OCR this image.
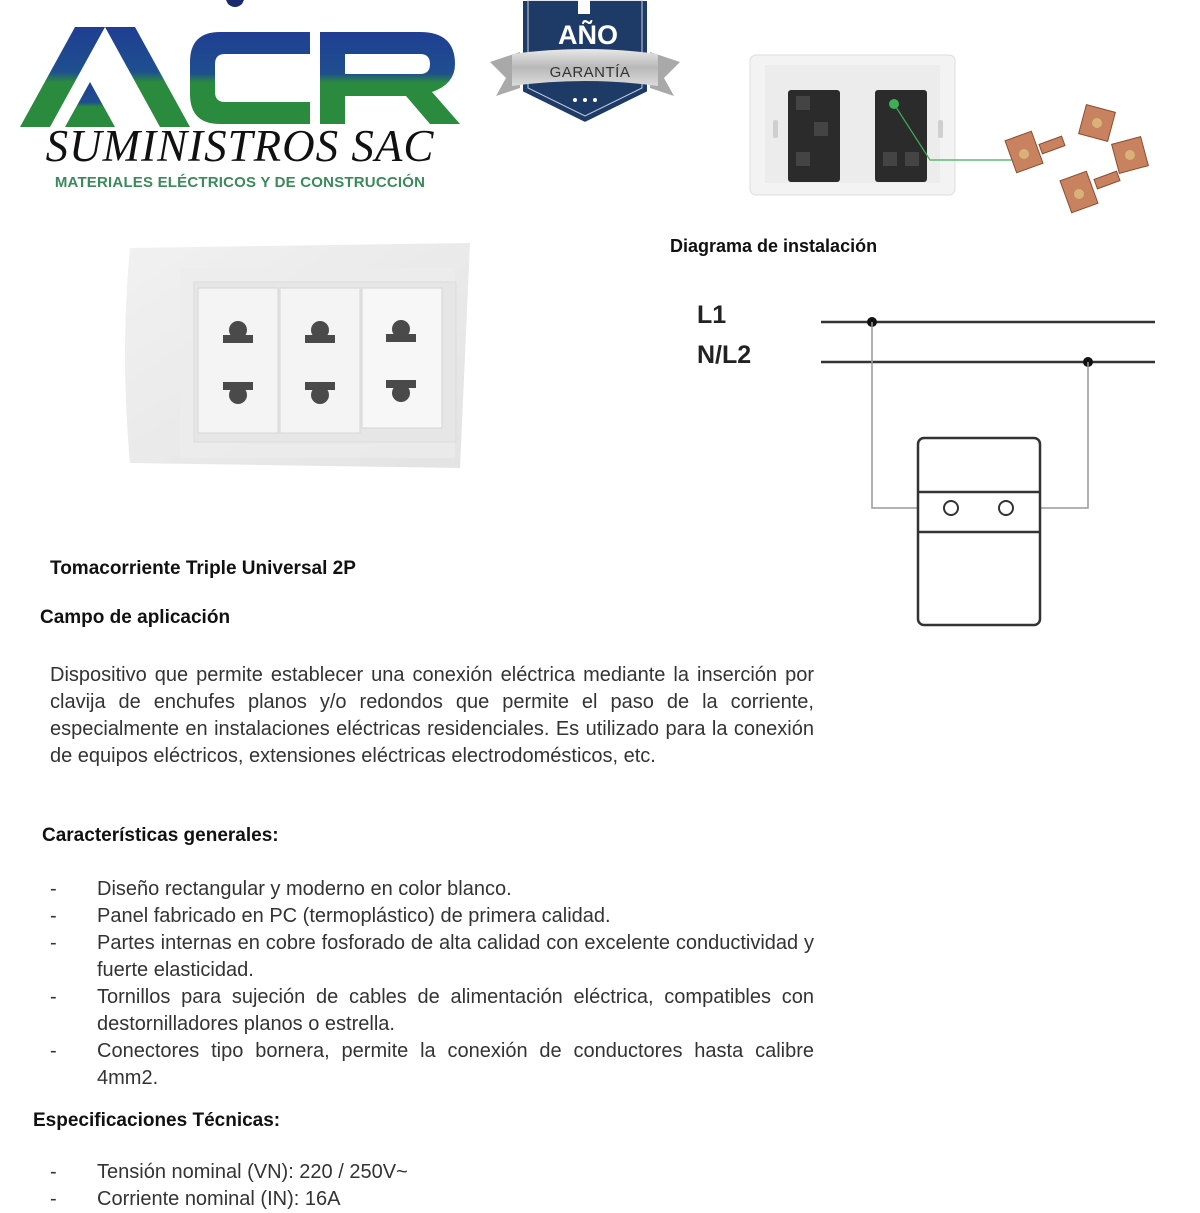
SUMINISTROS SAC
MATERIALES ELÉCTRICOS Y DE CONSTRUCCIÓN
AÑO
GARANTÍA
Diagrama de instalación
L1
N/L2
Tomacorriente Triple Universal 2P
Campo de aplicación
Dispositivo que permite establecer una conexión eléctrica mediante la inserción por clavija de enchufes planos y/o redondos que permite el paso de la corriente, especialmente en instalaciones eléctricas residenciales. Es utilizado para la conexión de equipos eléctricos, extensiones eléctricas electrodomésticos, etc.
Características generales:
-	Diseño rectangular y moderno en color blanco.
-	Panel fabricado en PC (termoplástico) de primera calidad.
-	Partes internas en cobre fosforado de alta calidad con excelente conductividad y fuerte elasticidad.
-	Tornillos para sujeción de cables de alimentación eléctrica, compatibles con destornilladores planos o estrella.
-	Conectores tipo bornera, permite la conexión de conductores hasta calibre 4mm2.
Especificaciones Técnicas:
-	Tensión nominal (VN): 220 / 250V~
-	Corriente nominal (IN): 16A
